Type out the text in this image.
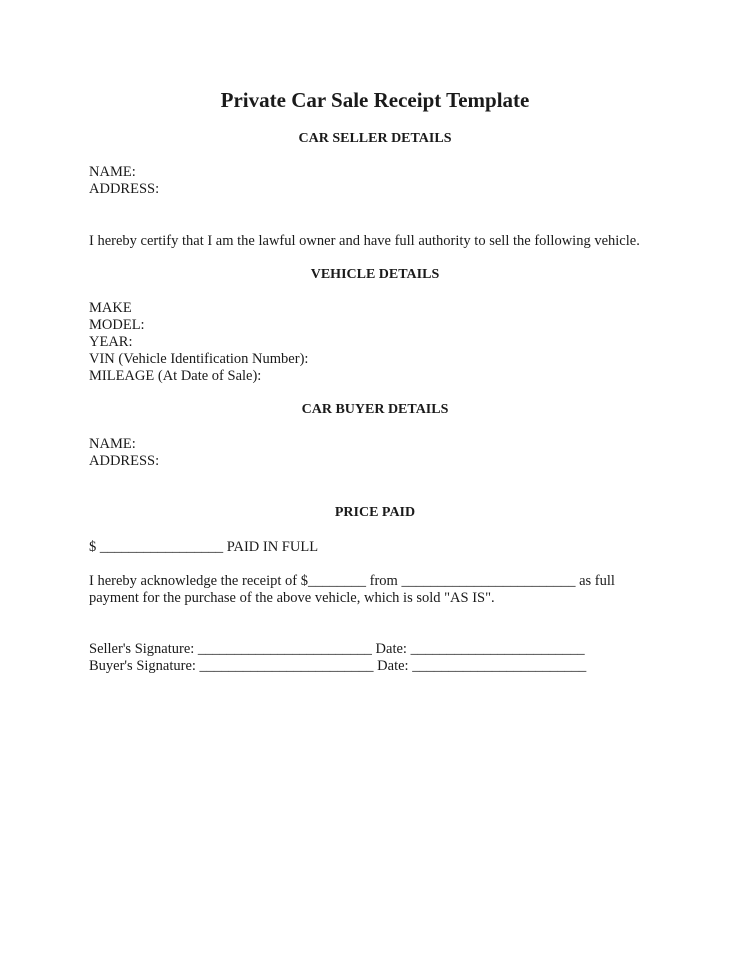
Private Car Sale Receipt Template
CAR SELLER DETAILS
NAME:
ADDRESS:
I hereby certify that I am the lawful owner and have full authority to sell the following vehicle.
VEHICLE DETAILS
MAKE
MODEL:
YEAR:
VIN (Vehicle Identification Number):
MILEAGE (At Date of Sale):
CAR BUYER DETAILS
NAME:
ADDRESS:
PRICE PAID
$ _________________ PAID IN FULL
I hereby acknowledge the receipt of $________ from ________________________ as full
payment for the purchase of the above vehicle, which is sold "AS IS".
Seller's Signature: ________________________ Date: ________________________
Buyer's Signature: ________________________ Date: ________________________
